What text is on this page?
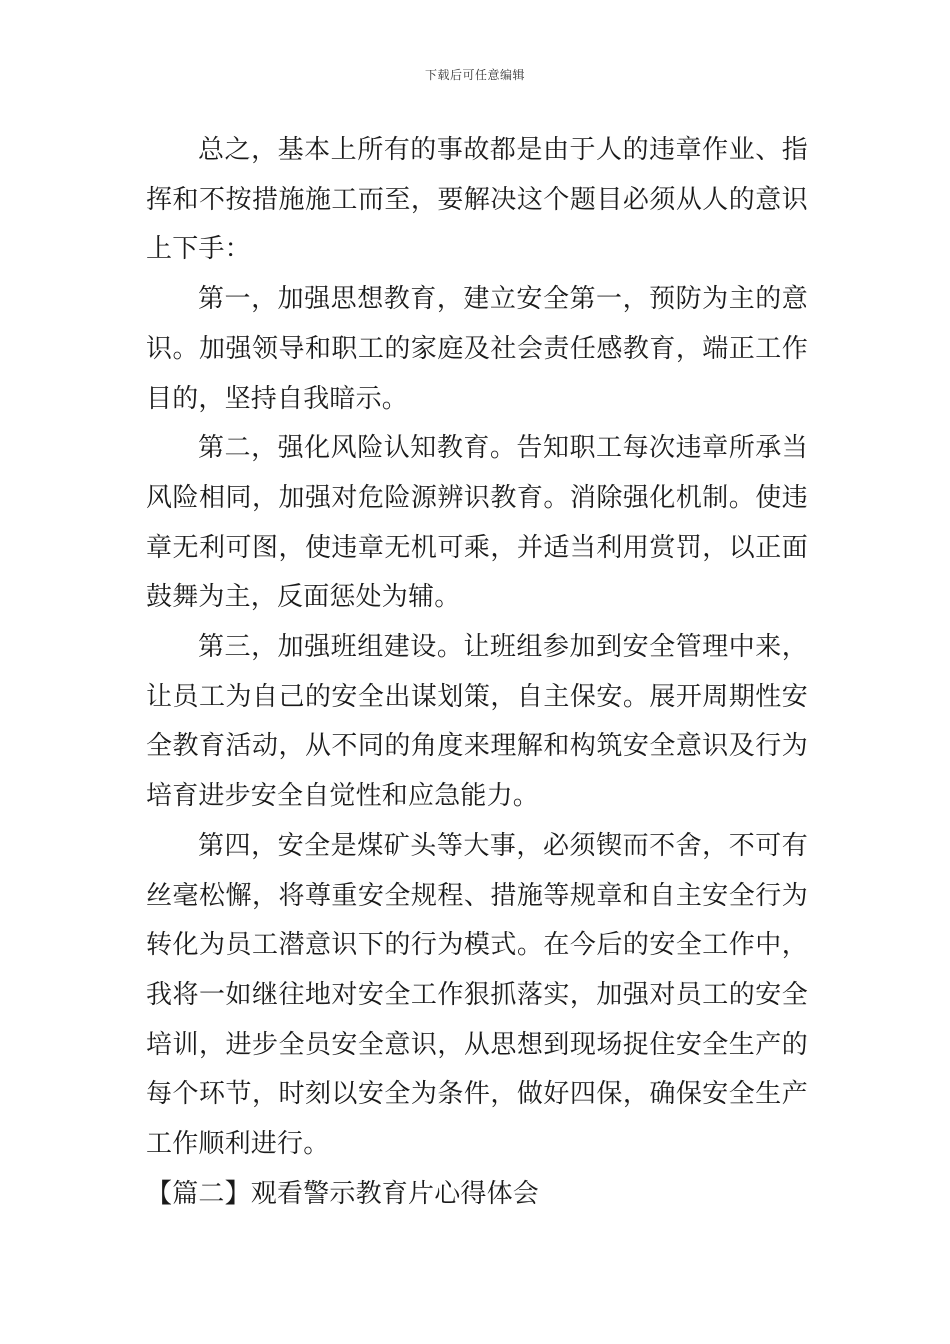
下载后可任意编辑

总之，基本上所有的事故都是由于人的违章作业、指挥和不按措施施工而至，要解决这个题目必须从人的意识上下手：

第一，加强思想教育，建立安全第一，预防为主的意识。加强领导和职工的家庭及社会责任感教育，端正工作目的，坚持自我暗示。

第二，强化风险认知教育。告知职工每次违章所承当风险相同，加强对危险源辨识教育。消除强化机制。使违章无利可图，使违章无机可乘，并适当利用赏罚，以正面鼓舞为主，反面惩处为辅。

第三，加强班组建设。让班组参加到安全管理中来，让员工为自己的安全出谋划策，自主保安。展开周期性安全教育活动，从不同的角度来理解和构筑安全意识及行为培育进步安全自觉性和应急能力。

第四，安全是煤矿头等大事，必须锲而不舍，不可有丝毫松懈，将尊重安全规程、措施等规章和自主安全行为转化为员工潜意识下的行为模式。在今后的安全工作中，我将一如继往地对安全工作狠抓落实，加强对员工的安全培训，进步全员安全意识，从思想到现场捉住安全生产的每个环节，时刻以安全为条件，做好四保，确保安全生产工作顺利进行。

【篇二】观看警示教育片心得体会
